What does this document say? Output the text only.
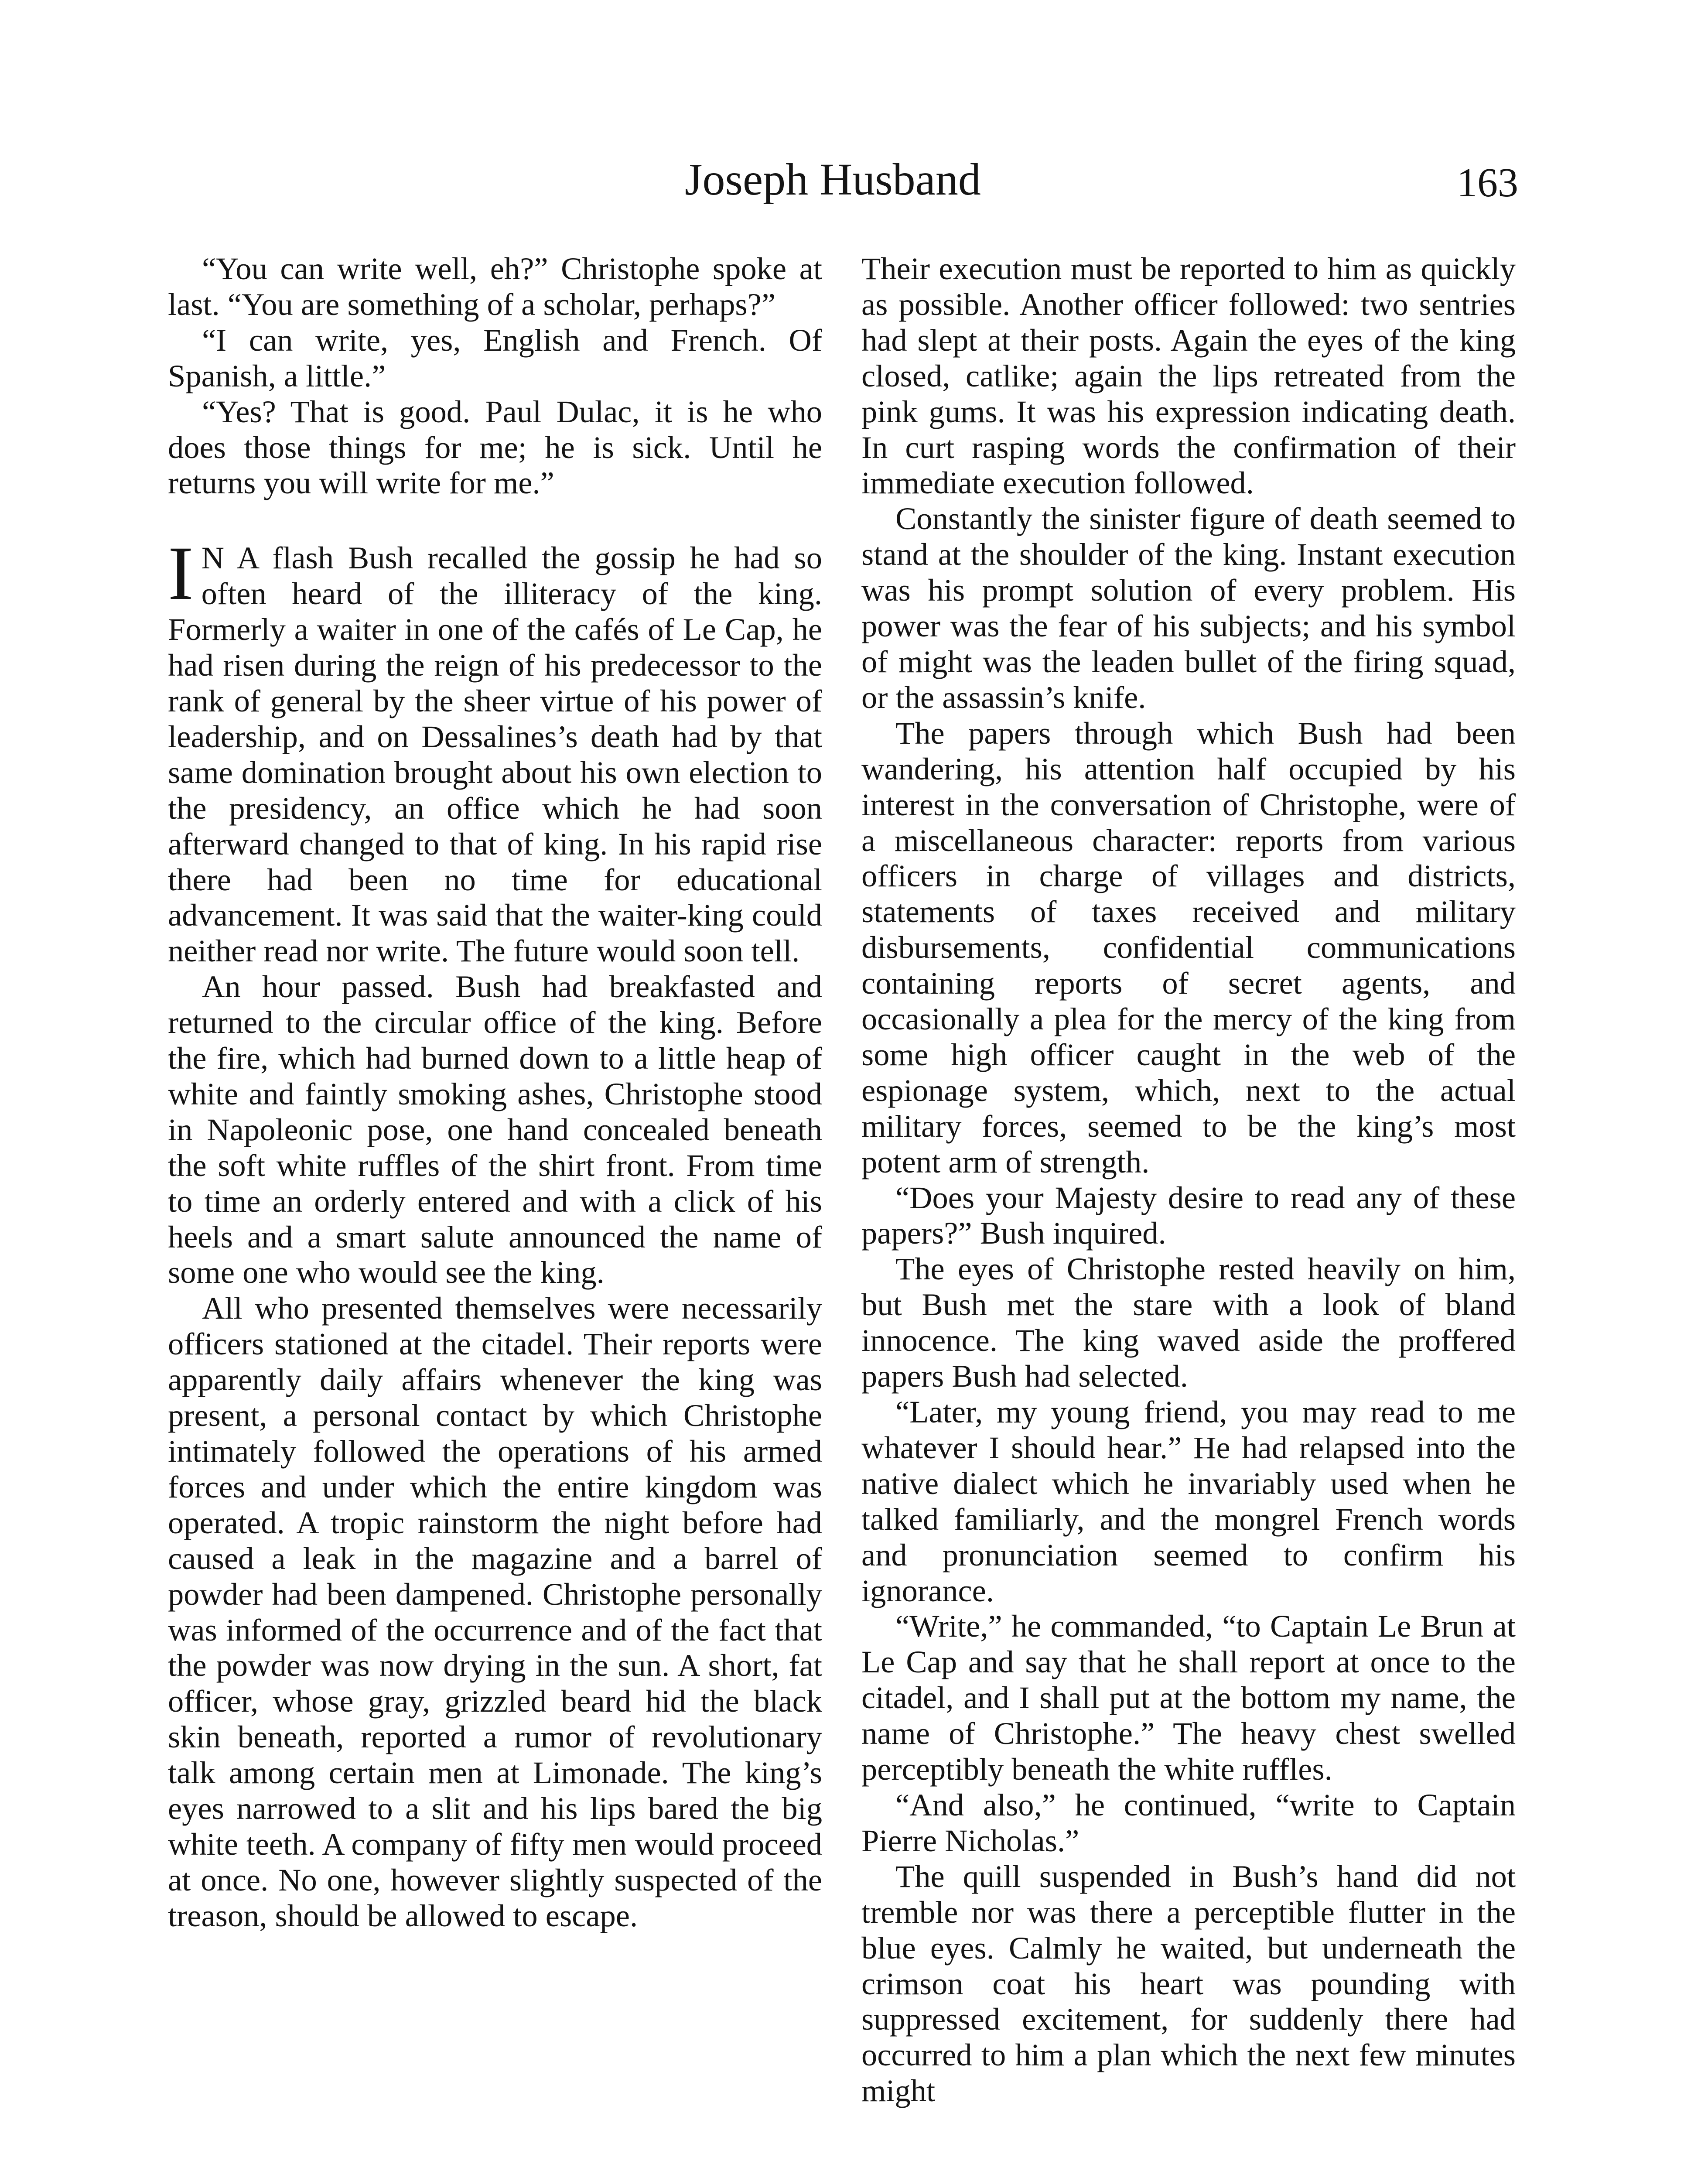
Joseph Husband	163

“You can write well, eh?” Christophe spoke at last. “You are something of a scholar, perhaps?”

“I can write, yes, English and French. Of Spanish, a little.”

“Yes? That is good. Paul Dulac, it is he who does those things for me; he is sick. Until he returns you will write for me.”

I N A flash Bush recalled the gossip he had so often heard of the illiteracy of the king. Formerly a waiter in one of the cafés of Le Cap, he had risen during the reign of his predecessor to the rank of general by the sheer virtue of his power of leadership, and on Dessalines’s death had by that same domination brought about his own election to the presidency, an office which he had soon afterward changed to that of king. In his rapid rise there had been no time for educational advancement. It was said that the waiter-king could neither read nor write. The future would soon tell.

An hour passed. Bush had breakfasted and returned to the circular office of the king. Before the fire, which had burned down to a little heap of white and faintly smoking ashes, Christophe stood in Napoleonic pose, one hand concealed beneath the soft white ruffles of the shirt front. From time to time an orderly entered and with a click of his heels and a smart salute announced the name of some one who would see the king.

All who presented themselves were necessarily officers stationed at the citadel. Their reports were apparently daily affairs whenever the king was present, a personal contact by which Christophe intimately followed the operations of his armed forces and under which the entire kingdom was operated. A tropic rainstorm the night before had caused a leak in the magazine and a barrel of powder had been dampened. Christophe personally was informed of the occurrence and of the fact that the powder was now drying in the sun. A short, fat officer, whose gray, grizzled beard hid the black skin beneath, reported a rumor of revolutionary talk among certain men at Limonade. The king’s eyes narrowed to a slit and his lips bared the big white teeth. A company of fifty men would proceed at once. No one, however slightly suspected of the treason, should be allowed to escape.

Their execution must be reported to him as quickly as possible. Another officer followed: two sentries had slept at their posts. Again the eyes of the king closed, catlike; again the lips retreated from the pink gums. It was his expression indicating death. In curt rasping words the confirmation of their immediate execution followed.

Constantly the sinister figure of death seemed to stand at the shoulder of the king. Instant execution was his prompt solution of every problem. His power was the fear of his subjects; and his symbol of might was the leaden bullet of the firing squad, or the assassin’s knife.

The papers through which Bush had been wandering, his attention half occupied by his interest in the conversation of Christophe, were of a miscellaneous character: reports from various officers in charge of villages and districts, statements of taxes received and military disbursements, confidential communications containing reports of secret agents, and occasionally a plea for the mercy of the king from some high officer caught in the web of the espionage system, which, next to the actual military forces, seemed to be the king’s most potent arm of strength.

“Does your Majesty desire to read any of these papers?” Bush inquired.

The eyes of Christophe rested heavily on him, but Bush met the stare with a look of bland innocence. The king waved aside the proffered papers Bush had selected.

“Later, my young friend, you may read to me whatever I should hear.” He had relapsed into the native dialect which he invariably used when he talked familiarly, and the mongrel French words and pronunciation seemed to confirm his ignorance.

“Write,” he commanded, “to Captain Le Brun at Le Cap and say that he shall report at once to the citadel, and I shall put at the bottom my name, the name of Christophe.” The heavy chest swelled perceptibly beneath the white ruffles.

“And also,” he continued, “write to Captain Pierre Nicholas.”

The quill suspended in Bush’s hand did not tremble nor was there a perceptible flutter in the blue eyes. Calmly he waited, but underneath the crimson coat his heart was pounding with suppressed excitement, for suddenly there had occurred to him a plan which the next few minutes might
